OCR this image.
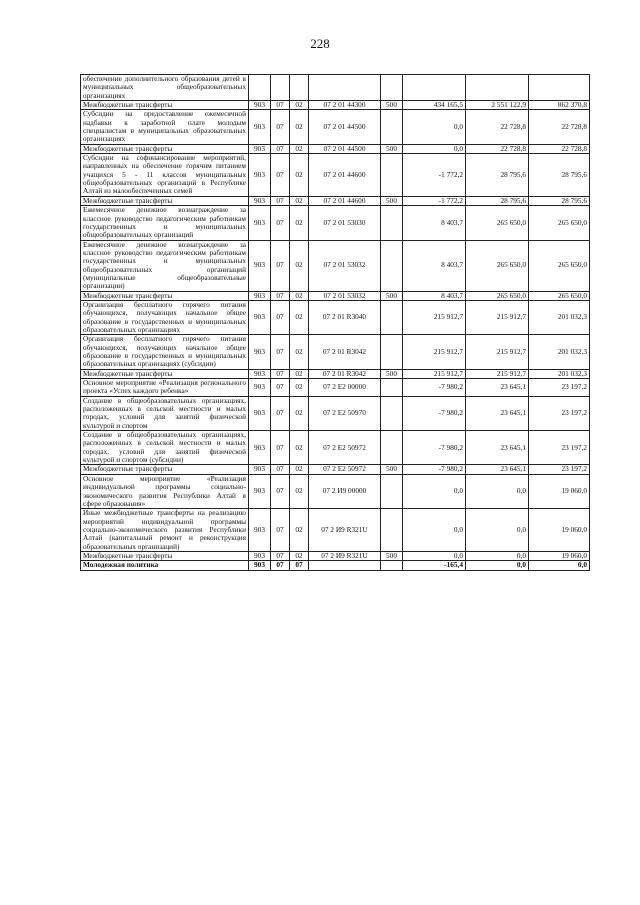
228
обеспечение дополнительного образования детей в муниципальных общеобразовательных организациях								
Межбюджетные трансферты	903	07	02	07 2 01 44300	500	434 165,5	2 551 122,9	862 370,8
Субсидии на предоставление ежемесячной надбавки к заработной плате молодым специалистам в муниципальных образовательных организациях	903	07	02	07 2 01 44500		0,0	22 728,8	22 728,8
Межбюджетные трансферты	903	07	02	07 2 01 44500	500	0,0	22 728,8	22 728,8
Субсидии на софинансирование мероприятий, направленных на обеспечение горячим питанием учащихся 5 - 11 классов муниципальных общеобразовательных организаций в Республике Алтай из малообеспеченных семей	903	07	02	07 2 01 44600		-1 772,2	28 795,6	28 795,6
Межбюджетные трансферты	903	07	02	07 2 01 44600	500	-1 772,2	28 795,6	28 795,6
Ежемесячное денежное вознаграждение за классное руководство педагогическим работникам государственных и муниципальных общеобразовательных организаций	903	07	02	07 2 01 53030		8 403,7	265 650,0	265 650,0
Ежемесячное денежное вознаграждение за классное руководство педагогическим работникам государственных и муниципальных общеобразовательных организаций (муниципальные общеобразовательные организации)	903	07	02	07 2 01 53032		8 403,7	265 650,0	265 650,0
Межбюджетные трансферты	903	07	02	07 2 01 53032	500	8 403,7	265 650,0	265 650,0
Организация бесплатного горячего питания обучающихся, получающих начальное общее образование в государственных и муниципальных образовательных организациях	903	07	02	07 2 01 R3040		215 912,7	215 912,7	201 032,3
Организация бесплатного горячего питания обучающихся, получающих начальное общее образование в государственных и муниципальных образовательных организациях (субсидии)	903	07	02	07 2 01 R3042		215 912,7	215 912,7	201 032,3
Межбюджетные трансферты	903	07	02	07 2 01 R3042	500	215 912,7	215 912,7	201 032,3
Основное мероприятие «Реализация регионального проекта «Успех каждого ребенка»	903	07	02	07 2 E2 00000		-7 980,2	23 645,1	23 197,2
Создание в общеобразовательных организациях, расположенных в сельской местности и малых городах, условий для занятий физической культурой и спортом	903	07	02	07 2 E2 50970		-7 980,2	23 645,1	23 197,2
Создание в общеобразовательных организациях, расположенных в сельской местности и малых городах, условий для занятий физической культурой и спортом (субсидии)	903	07	02	07 2 E2 50972		-7 980,2	23 645,1	23 197,2
Межбюджетные трансферты	903	07	02	07 2 E2 50972	500	-7 980,2	23 645,1	23 197,2
Основное мероприятие «Реализация индивидуальной программы социально-экономического развития Республики Алтай в сфере образования»	903	07	02	07 2 И9 00000		0,0	0,0	19 060,0
Иные межбюджетные трансферты на реализацию мероприятий индивидуальной программы социально-экономического развития Республики Алтай (капитальный ремонт и реконструкция образовательных организаций)	903	07	02	07 2 И9 R321U		0,0	0,0	19 060,0
Межбюджетные трансферты	903	07	02	07 2 И9 R321U	500	0,0	0,0	19 060,0
Молодежная политика	903	07	07			-165,4	0,0	0,0
